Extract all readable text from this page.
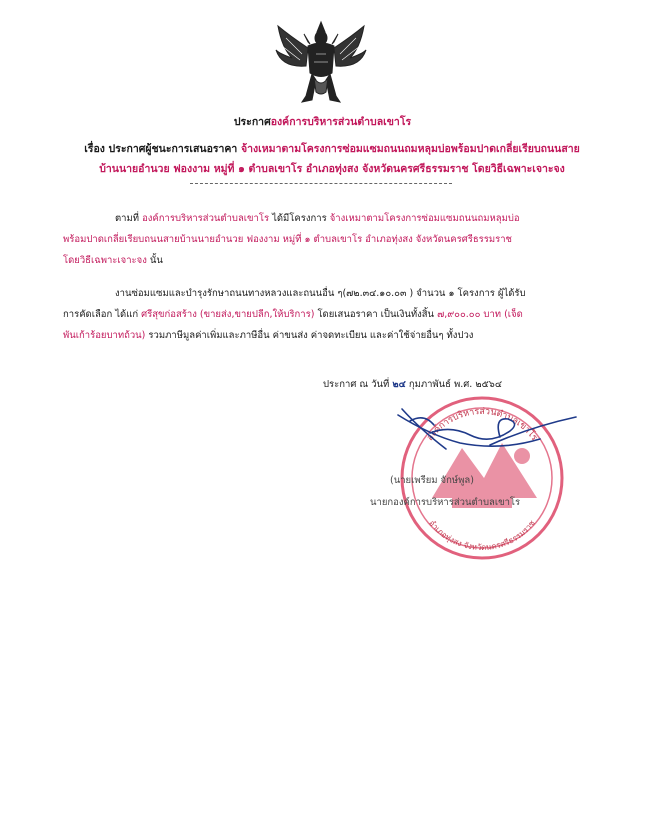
ประกาศองค์การบริหารส่วนตำบลเขาโร
เรื่อง ประกาศผู้ชนะการเสนอราคา จ้างเหมาตามโครงการซ่อมแซมถนนถมหลุมบ่อพร้อมปาดเกลี่ยเรียบถนนสาย
บ้านนายอำนวย ฟองงาม หมู่ที่ ๑ ตำบลเขาโร อำเภอทุ่งสง จังหวัดนครศรีธรรมราช โดยวิธีเฉพาะเจาะจง
ตามที่ องค์การบริหารส่วนตำบลเขาโร ได้มีโครงการ จ้างเหมาตามโครงการซ่อมแซมถนนถมหลุมบ่อ
พร้อมปาดเกลี่ยเรียบถนนสายบ้านนายอำนวย ฟองงาม หมู่ที่ ๑ ตำบลเขาโร อำเภอทุ่งสง จังหวัดนครศรีธรรมราช
โดยวิธีเฉพาะเจาะจง นั้น
งานซ่อมแซมและบำรุงรักษาถนนทางหลวงและถนนอื่น ๆ(๗๒.๓๔.๑๐.๐๓ ) จำนวน ๑ โครงการ ผู้ได้รับ
การคัดเลือก ได้แก่ ศรีสุขก่อสร้าง (ขายส่ง,ขายปลีก,ให้บริการ) โดยเสนอราคา เป็นเงินทั้งสิ้น ๗,๙๐๐.๐๐ บาท (เจ็ด
พันเก้าร้อยบาทถ้วน) รวมภาษีมูลค่าเพิ่มและภาษีอื่น ค่าขนส่ง ค่าจดทะเบียน และค่าใช้จ่ายอื่นๆ ทั้งปวง
ประกาศ ณ วันที่ ๒๔ กุมภาพันธ์ พ.ศ. ๒๕๖๔
องค์การบริหารส่วนตำบลเขาโร
อำเภอทุ่งสง จังหวัดนครศรีธรรมราช
(นายเพรียม จักษ์พูล)
นายกองค์การบริหารส่วนตำบลเขาโร
